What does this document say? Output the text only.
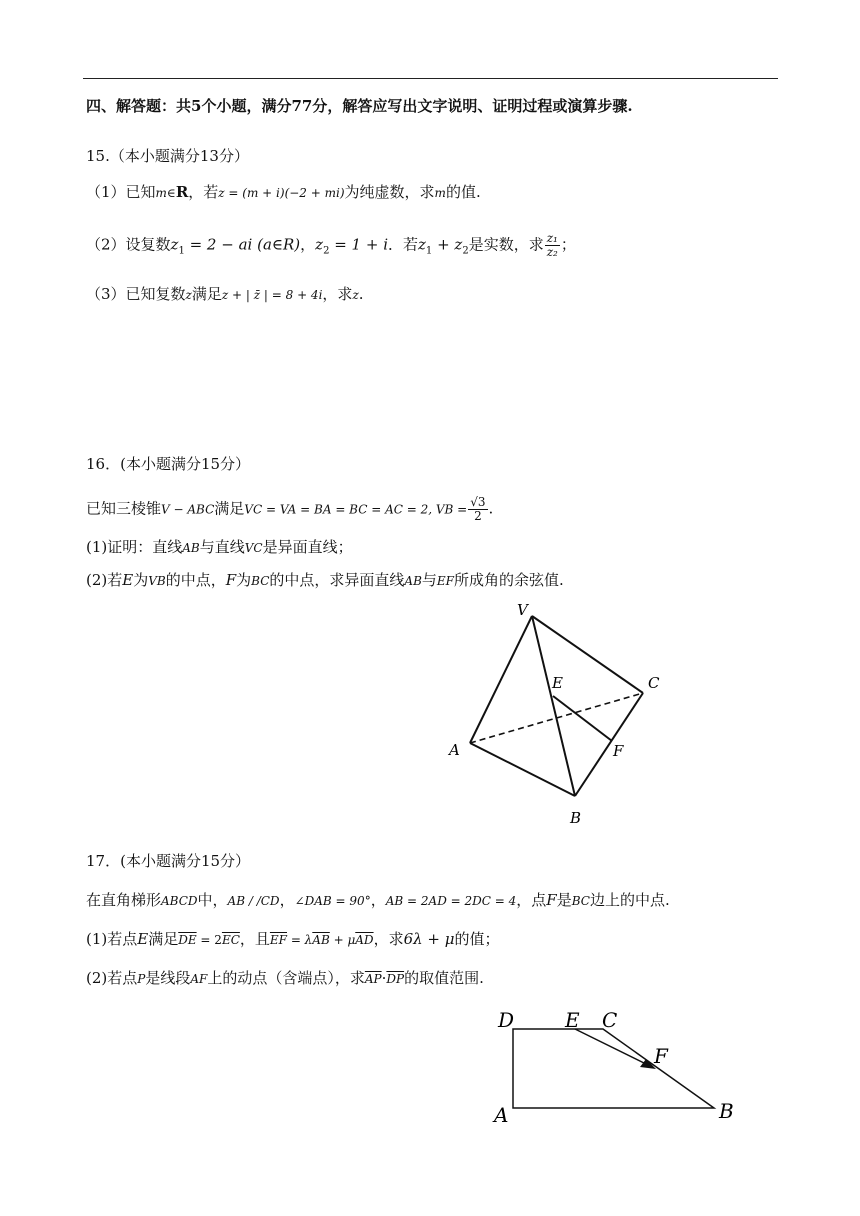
四、解答题：共5个小题，满分77分，解答应写出文字说明、证明过程或演算步骤.
15.（本小题满分13分）
（1）已知m∈R，若z = (m + i)(−2 + mi)为纯虚数，求m的值.
（2）设复数$z_1 = 2$ − ai (a∈R)，$z_2 = 1 + i$．若$z_1 + z_2$是实数，求 $\frac{\text{z₁}}{\text{z₂}}$ ；
（3）已知复数z满足z + | z̄ | = 8 + 4i，求z.
16．(本小题满分15分）
已知三棱锥V − ABC满足VC = VA = BA = BC = AC = 2, VB = $\frac{√3}{2}$ .
(1)证明：直线AB与直线VC是异面直线；
(2)若E为VB的中点，F为BC的中点，求异面直线AB与EF所成角的余弦值.
V
E	C
A	F
B
17．(本小题满分15分）
在直角梯形ABCD中，AB / /CD，∠DAB = 90°，AB = 2AD = 2DC = 4，点F是BC边上的中点.
(1)若点E满足$\overline{DE} = 2\overline{EC}$，且$\overline{EF} = \lambda\overline{AB} + \mu\overline{AD}$，求6λ + μ的值；
(2)若点P是线段AF上的动点（含端点），求$\overline{AP}\cdot\overline{DP}$的取值范围.
D	E C
F
A	B
